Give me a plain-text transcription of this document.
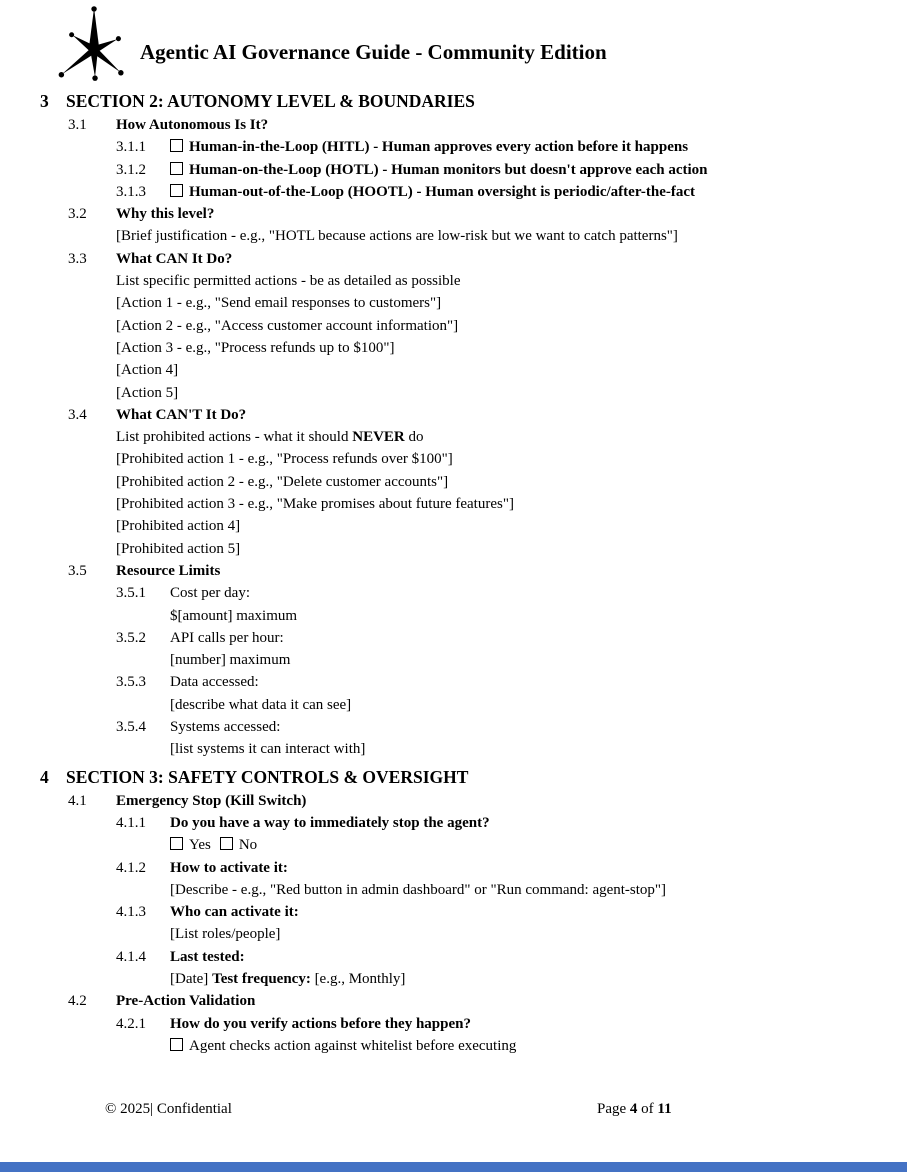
Agentic AI Governance Guide - Community Edition
3 SECTION 2: AUTONOMY LEVEL & BOUNDARIES
3.1 How Autonomous Is It?
3.1.1	Human-in-the-Loop (HITL) - Human approves every action before it happens
3.1.2	Human-on-the-Loop (HOTL) - Human monitors but doesn't approve each action
3.1.3	Human-out-of-the-Loop (HOOTL) - Human oversight is periodic/after-the-fact
3.2 Why this level?
[Brief justification - e.g., "HOTL because actions are low-risk but we want to catch patterns"]
3.3 What CAN It Do?
List specific permitted actions - be as detailed as possible
[Action 1 - e.g., "Send email responses to customers"]
[Action 2 - e.g., "Access customer account information"]
[Action 3 - e.g., "Process refunds up to $100"]
[Action 4]
[Action 5]
3.4 What CAN'T It Do?
List prohibited actions - what it should NEVER do
[Prohibited action 1 - e.g., "Process refunds over $100"]
[Prohibited action 2 - e.g., "Delete customer accounts"]
[Prohibited action 3 - e.g., "Make promises about future features"]
[Prohibited action 4]
[Prohibited action 5]
3.5 Resource Limits
3.5.1 Cost per day:
$[amount] maximum
3.5.2 API calls per hour:
[number] maximum
3.5.3 Data accessed:
[describe what data it can see]
3.5.4 Systems accessed:
[list systems it can interact with]
4 SECTION 3: SAFETY CONTROLS & OVERSIGHT
4.1 Emergency Stop (Kill Switch)
4.1.1 Do you have a way to immediately stop the agent?
Yes No
4.1.2 How to activate it:
[Describe - e.g., "Red button in admin dashboard" or "Run command: agent-stop"]
4.1.3 Who can activate it:
[List roles/people]
4.1.4 Last tested:
[Date] Test frequency: [e.g., Monthly]
4.2 Pre-Action Validation
4.2.1 How do you verify actions before they happen?
Agent checks action against whitelist before executing
© 2025| Confidential	Page 4 of 11
